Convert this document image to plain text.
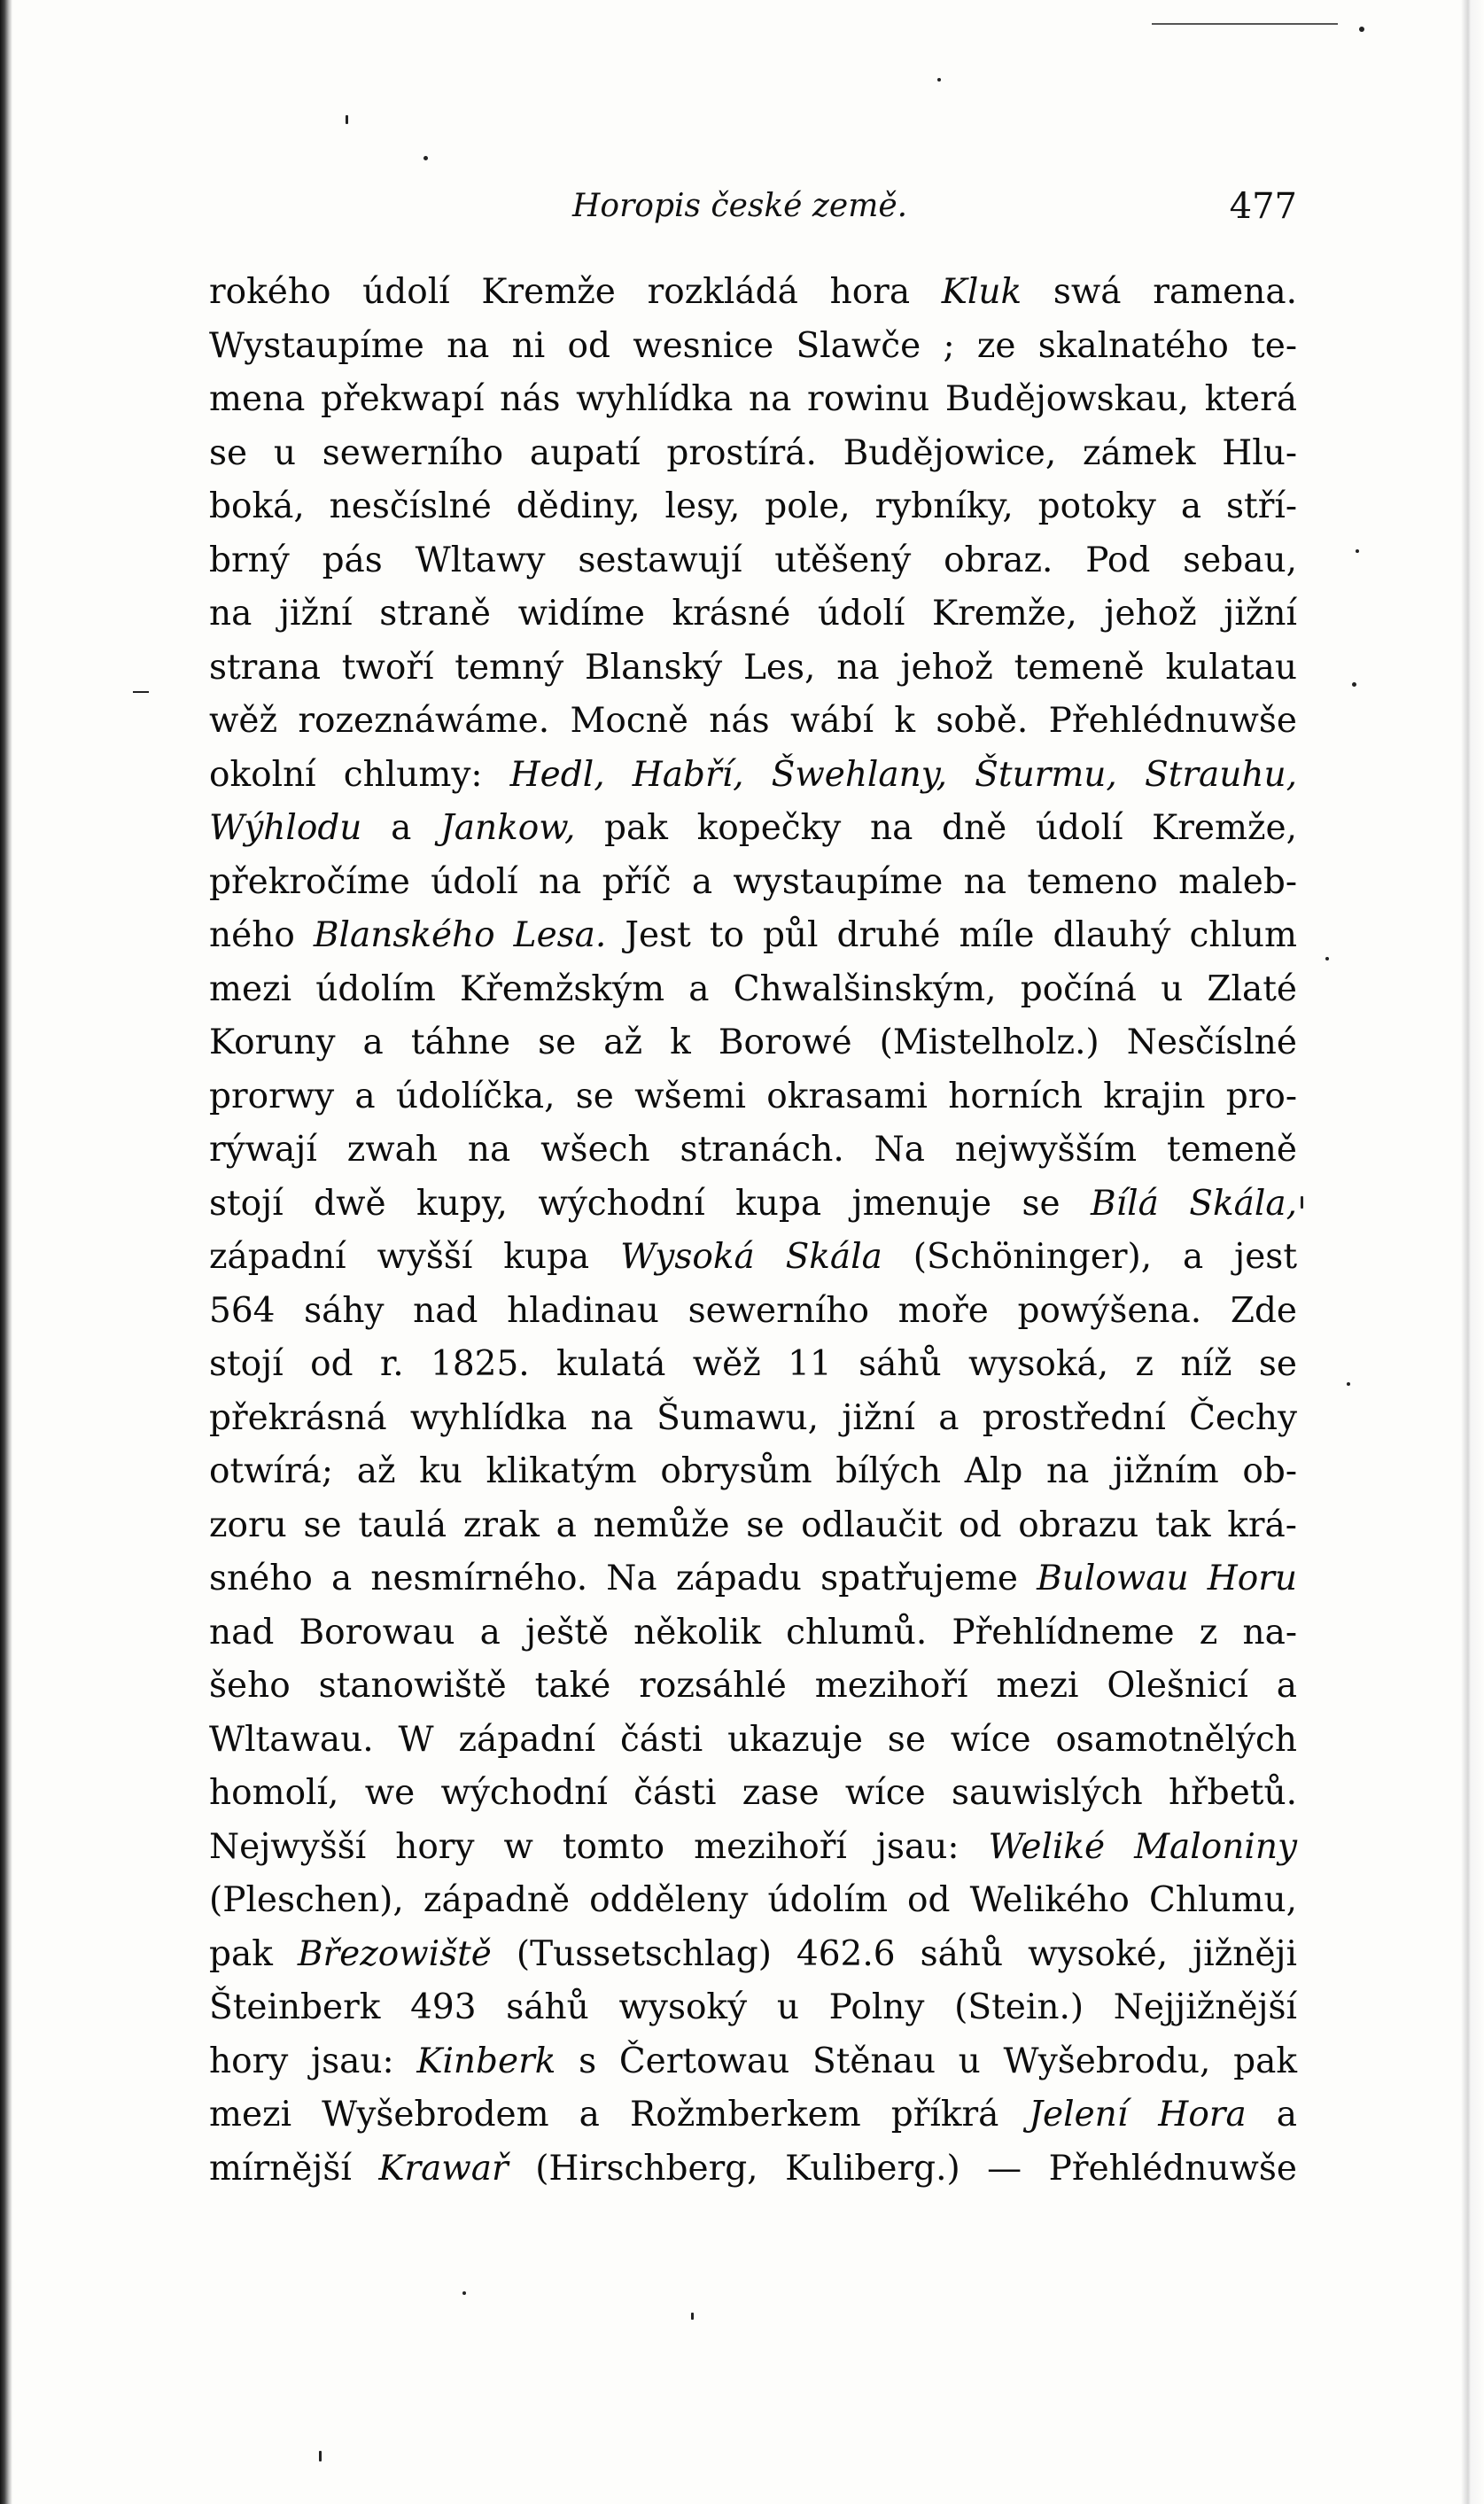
Horopis české země.	477
rokého údolí Kremže rozkládá hora Kluk swá ramena.
Wystaupíme na ni od wesnice Slawče ; ze skalnatého te-
mena překwapí nás wyhlídka na rowinu Budějowskau, která
se u sewerního aupatí prostírá. Budějowice, zámek Hlu-
boká, nesčíslné dědiny, lesy, pole, rybníky, potoky a stří-
brný pás Wltawy sestawují utěšený obraz. Pod sebau,
na jižní straně widíme krásné údolí Kremže, jehož jižní
strana twoří temný Blanský Les, na jehož temeně kulatau
wěž rozeznáwáme. Mocně nás wábí k sobě. Přehlédnuwše
okolní chlumy: Hedl, Habří, Šwehlany, Šturmu, Strauhu,
Wýhlodu a Jankow, pak kopečky na dně údolí Kremže,
překročíme údolí na příč a wystaupíme na temeno maleb-
ného Blanského Lesa. Jest to půl druhé míle dlauhý chlum
mezi údolím Křemžským a Chwalšinským, počíná u Zlaté
Koruny a táhne se až k Borowé (Mistelholz.) Nesčíslné
prorwy a údolíčka, se wšemi okrasami horních krajin pro-
rýwají zwah na wšech stranách. Na nejwyšším temeně
stojí dwě kupy, wýchodní kupa jmenuje se Bílá Skála,
západní wyšší kupa Wysoká Skála (Schöninger), a jest
564 sáhy nad hladinau sewerního moře powýšena. Zde
stojí od r. 1825. kulatá wěž 11 sáhů wysoká, z níž se
překrásná wyhlídka na Šumawu, jižní a prostřední Čechy
otwírá; až ku klikatým obrysům bílých Alp na jižním ob-
zoru se taulá zrak a nemůže se odlaučit od obrazu tak krá-
sného a nesmírného. Na západu spatřujeme Bulowau Horu
nad Borowau a ještě několik chlumů. Přehlídneme z na-
šeho stanowiště také rozsáhlé mezihoří mezi Olešnicí a
Wltawau. W západní části ukazuje se wíce osamotnělých
homolí, we wýchodní části zase wíce sauwislých hřbetů.
Nejwyšší hory w tomto mezihoří jsau: Weliké Maloniny
(Pleschen), západně odděleny údolím od Welikého Chlumu,
pak Březowiště (Tussetschlag) 462.6 sáhů wysoké, jižněji
Šteinberk 493 sáhů wysoký u Polny (Stein.) Nejjižnější
hory jsau: Kinberk s Čertowau Stěnau u Wyšebrodu, pak
mezi Wyšebrodem a Rožmberkem příkrá Jelení Hora a
mírnější Krawař (Hirschberg, Kuliberg.) — Přehlédnuwše
